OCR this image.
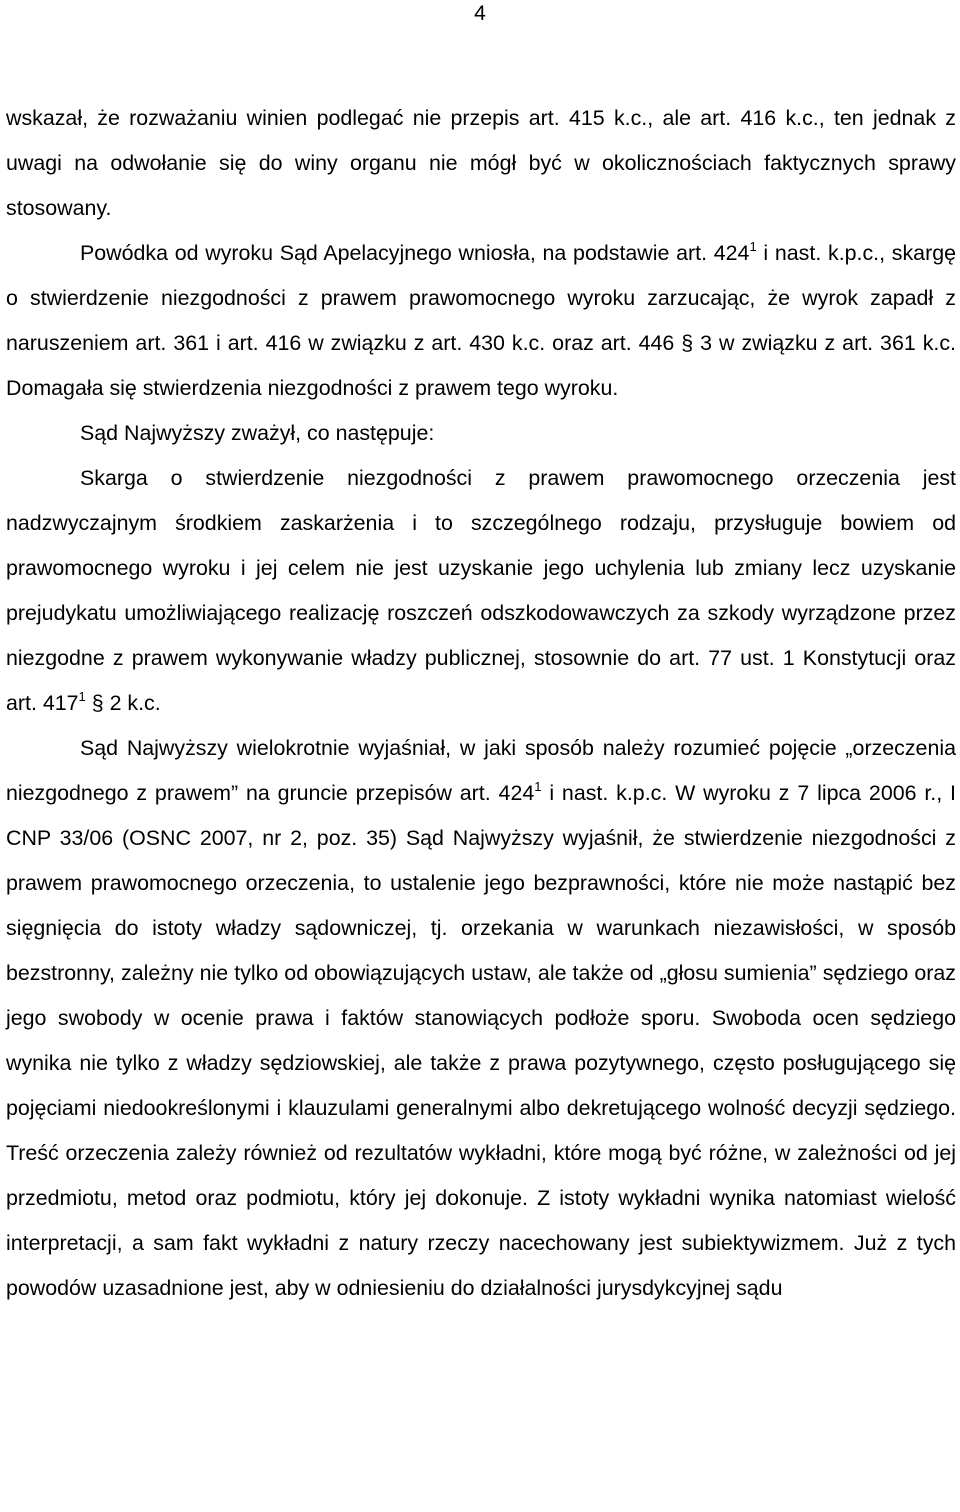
4

wskazał, że rozważaniu winien podlegać nie przepis art. 415 k.c., ale art. 416 k.c., ten jednak z uwagi na odwołanie się do winy organu nie mógł być w okolicznościach faktycznych sprawy stosowany.

Powódka od wyroku Sąd Apelacyjnego wniosła, na podstawie art. $424^1$ i nast. k.p.c., skargę o stwierdzenie niezgodności z prawem prawomocnego wyroku zarzucając, że wyrok zapadł z naruszeniem art. 361 i art. 416 w związku z art. 430 k.c. oraz art. 446 § 3 w związku z art. 361 k.c. Domagała się stwierdzenia niezgodności z prawem tego wyroku.

Sąd Najwyższy zważył, co następuje:

Skarga o stwierdzenie niezgodności z prawem prawomocnego orzeczenia jest nadzwyczajnym środkiem zaskarżenia i to szczególnego rodzaju, przysługuje bowiem od prawomocnego wyroku i jej celem nie jest uzyskanie jego uchylenia lub zmiany lecz uzyskanie prejudykatu umożliwiającego realizację roszczeń odszkodowawczych za szkody wyrządzone przez niezgodne z prawem wykonywanie władzy publicznej, stosownie do art. 77 ust. 1 Konstytucji oraz art. $417^1$ § 2 k.c.

Sąd Najwyższy wielokrotnie wyjaśniał, w jaki sposób należy rozumieć pojęcie „orzeczenia niezgodnego z prawem” na gruncie przepisów art. $424^1$ i nast. k.p.c. W wyroku z 7 lipca 2006 r., I CNP 33/06 (OSNC 2007, nr 2, poz. 35) Sąd Najwyższy wyjaśnił, że stwierdzenie niezgodności z prawem prawomocnego orzeczenia, to ustalenie jego bezprawności, które nie może nastąpić bez sięgnięcia do istoty władzy sądowniczej, tj. orzekania w warunkach niezawisłości, w sposób bezstronny, zależny nie tylko od obowiązujących ustaw, ale także od „głosu sumienia” sędziego oraz jego swobody w ocenie prawa i faktów stanowiących podłoże sporu. Swoboda ocen sędziego wynika nie tylko z władzy sędziowskiej, ale także z prawa pozytywnego, często posługującego się pojęciami niedookreślonymi i klauzulami generalnymi albo dekretującego wolność decyzji sędziego. Treść orzeczenia zależy również od rezultatów wykładni, które mogą być różne, w zależności od jej przedmiotu, metod oraz podmiotu, który jej dokonuje. Z istoty wykładni wynika natomiast wielość interpretacji, a sam fakt wykładni z natury rzeczy nacechowany jest subiektywizmem. Już z tych powodów uzasadnione jest, aby w odniesieniu do działalności jurysdykcyjnej sądu
